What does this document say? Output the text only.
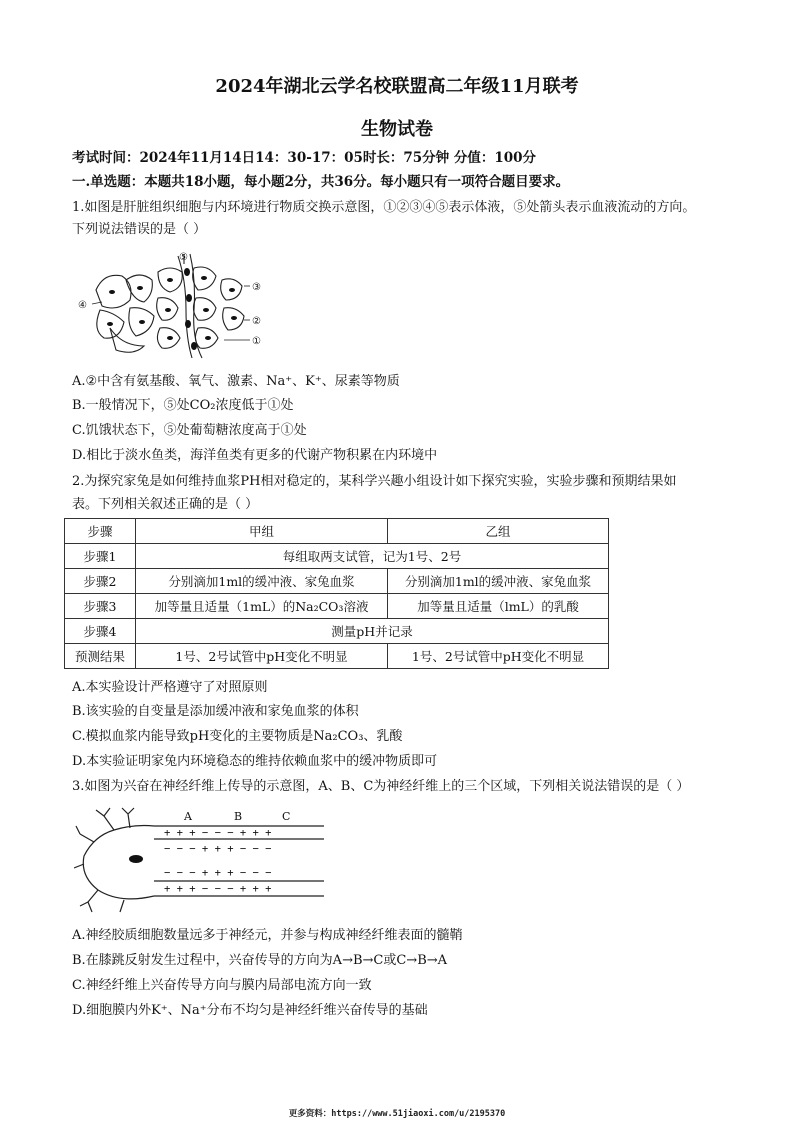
2024年湖北云学名校联盟高二年级11月联考
生物试卷
考试时间：2024年11月14日14：30-17：05时长：75分钟 分值：100分
一.单选题：本题共18小题，每小题2分，共36分。每小题只有一项符合题目要求。
1.如图是肝脏组织细胞与内环境进行物质交换示意图，①②③④⑤表示体液，⑤处箭头表示血液流动的方向。
下列说法错误的是（ ）
⑤
④
③
②
①
A.②中含有氨基酸、氧气、激素、Na⁺、K⁺、尿素等物质
B.一般情况下，⑤处CO₂浓度低于①处
C.饥饿状态下，⑤处葡萄糖浓度高于①处
D.相比于淡水鱼类，海洋鱼类有更多的代谢产物积累在内环境中
2.为探究家兔是如何维持血浆PH相对稳定的，某科学兴趣小组设计如下探究实验，实验步骤和预期结果如
表。下列相关叙述正确的是（ ）
步骤	甲组	乙组
步骤1	每组取两支试管，记为1号、2号	
步骤2	分别滴加1ml的缓冲液、家兔血浆	分别滴加1ml的缓冲液、家兔血浆
步骤3	加等量且适量（1mL）的Na₂CO₃溶液	加等量且适量（lmL）的乳酸
步骤4	测量pH并记录	
预测结果	1号、2号试管中pH变化不明显	1号、2号试管中pH变化不明显
A.本实验设计严格遵守了对照原则
B.该实验的自变量是添加缓冲液和家兔血浆的体积
C.模拟血浆内能导致pH变化的主要物质是Na₂CO₃、乳酸
D.本实验证明家兔内环境稳态的维持依赖血浆中的缓冲物质即可
3.如图为兴奋在神经纤维上传导的示意图，A、B、C为神经纤维上的三个区域，下列相关说法错误的是（ ）
A	B	C
+ + + − − − + + +
− − − + + + − − −
− − − + + + − − −
+ + + − − − + + +
A.神经胶质细胞数量远多于神经元，并参与构成神经纤维表面的髓鞘
B.在膝跳反射发生过程中，兴奋传导的方向为A→B→C或C→B→A
C.神经纤维上兴奋传导方向与膜内局部电流方向一致
D.细胞膜内外K⁺、Na⁺分布不均匀是神经纤维兴奋传导的基础
更多资料：https://www.51jiaoxi.com/u/2195370
